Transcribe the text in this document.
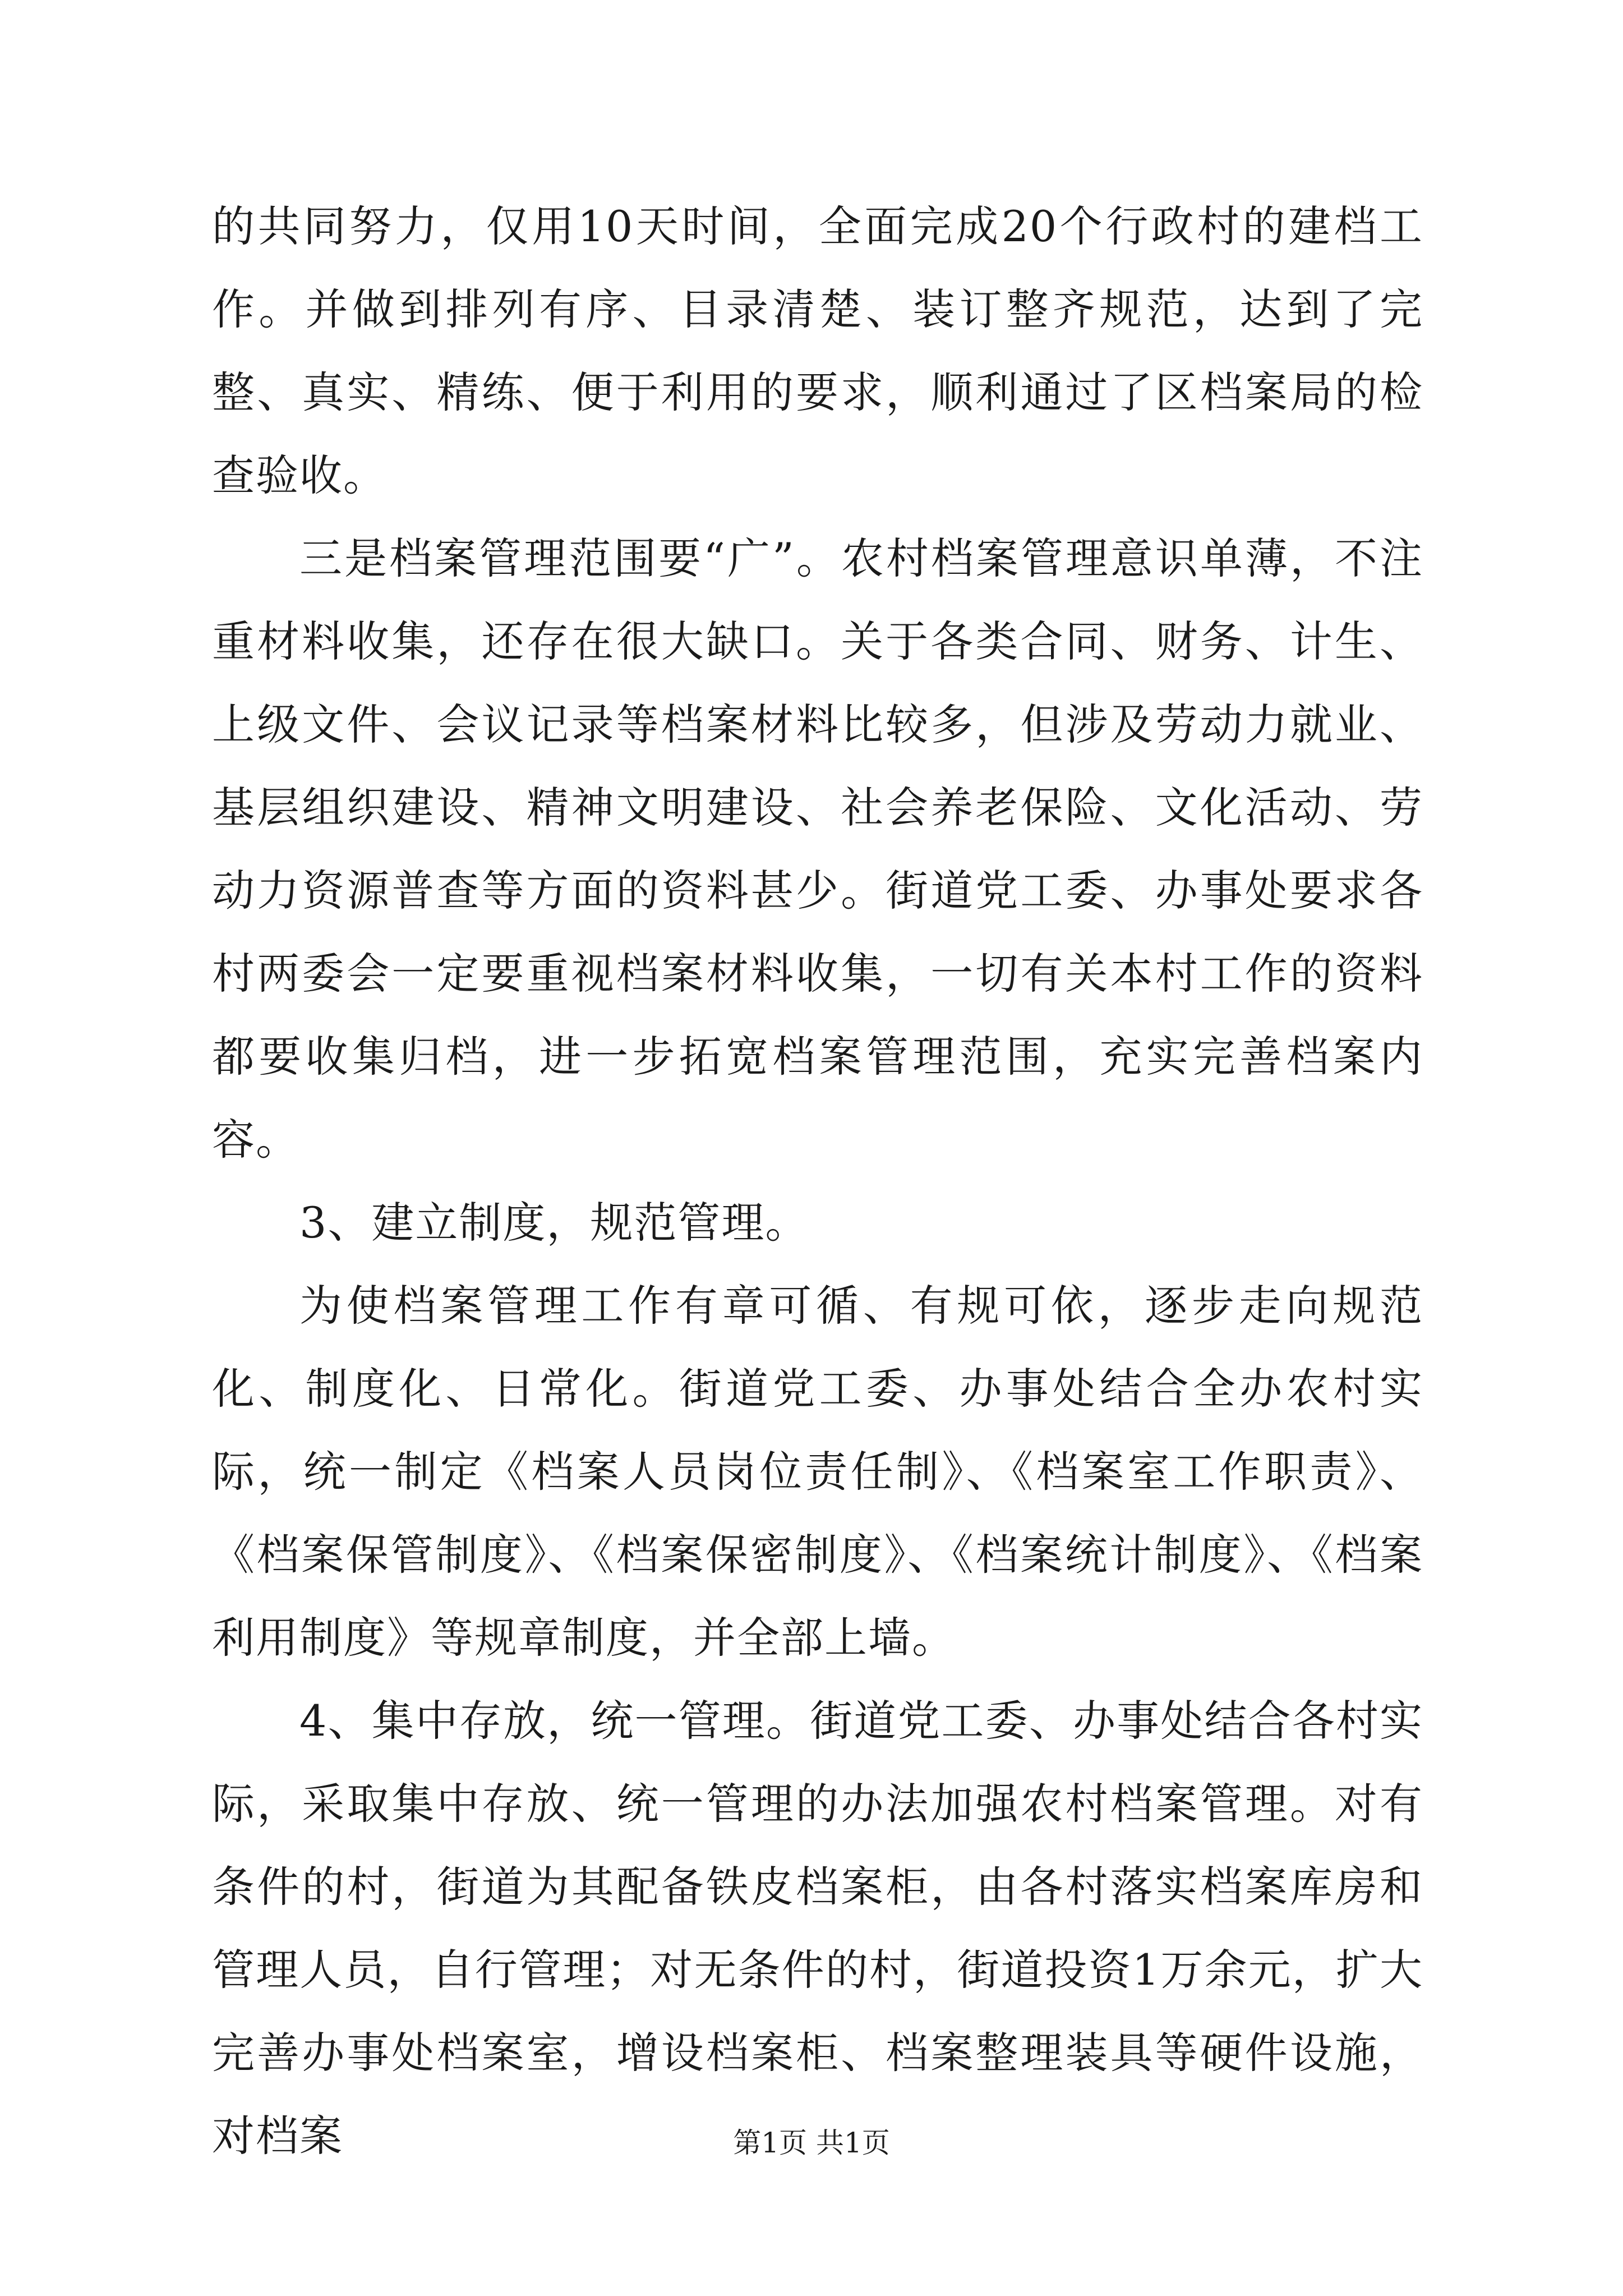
的共同努力，仅用10天时间，全面完成20个行政村的建档工作。并做到排列有序、目录清楚、装订整齐规范，达到了完整、真实、精练、便于利用的要求，顺利通过了区档案局的检查验收。

三是档案管理范围要“广”。农村档案管理意识单薄，不注重材料收集，还存在很大缺口。关于各类合同、财务、计生、上级文件、会议记录等档案材料比较多，但涉及劳动力就业、基层组织建设、精神文明建设、社会养老保险、文化活动、劳动力资源普查等方面的资料甚少。街道党工委、办事处要求各村两委会一定要重视档案材料收集，一切有关本村工作的资料都要收集归档，进一步拓宽档案管理范围，充实完善档案内容。

3、建立制度，规范管理。

为使档案管理工作有章可循、有规可依，逐步走向规范化、制度化、日常化。街道党工委、办事处结合全办农村实际，统一制定《档案人员岗位责任制》、《档案室工作职责》、《档案保管制度》、《档案保密制度》、《档案统计制度》、《档案利用制度》等规章制度，并全部上墙。

4、集中存放，统一管理。街道党工委、办事处结合各村实际，采取集中存放、统一管理的办法加强农村档案管理。对有条件的村，街道为其配备铁皮档案柜，由各村落实档案库房和管理人员，自行管理；对无条件的村，街道投资1万余元，扩大完善办事处档案室，增设档案柜、档案整理装具等硬件设施，对档案	第1页 共1页
